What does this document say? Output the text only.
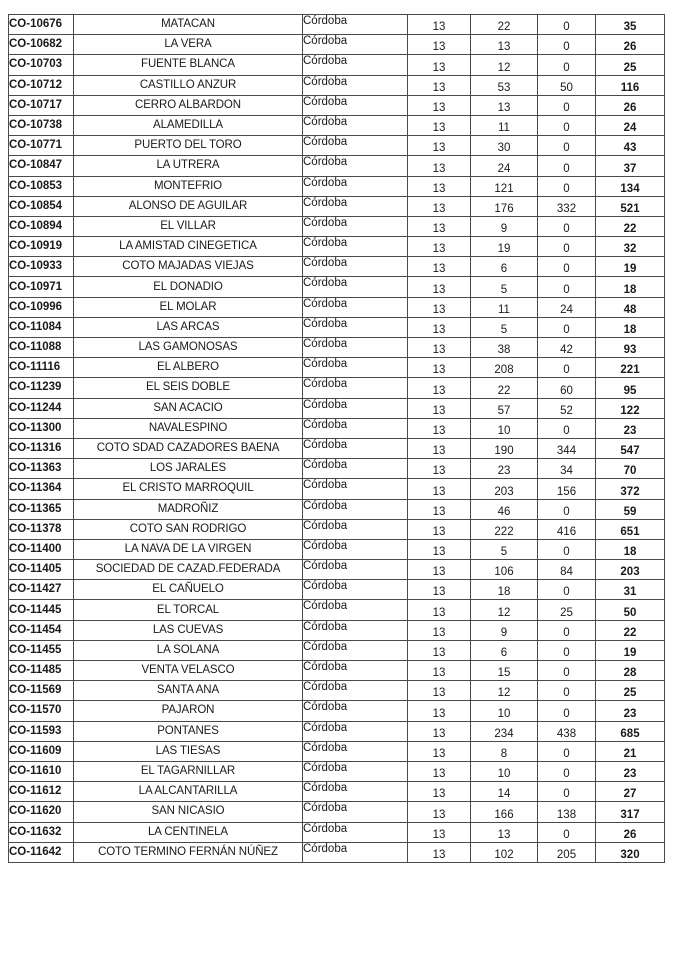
CO-10676	MATACAN	Córdoba	13	22	0	35
CO-10682	LA VERA	Córdoba	13	13	0	26
CO-10703	FUENTE BLANCA	Córdoba	13	12	0	25
CO-10712	CASTILLO ANZUR	Córdoba	13	53	50	116
CO-10717	CERRO ALBARDON	Córdoba	13	13	0	26
CO-10738	ALAMEDILLA	Córdoba	13	11	0	24
CO-10771	PUERTO DEL TORO	Córdoba	13	30	0	43
CO-10847	LA UTRERA	Córdoba	13	24	0	37
CO-10853	MONTEFRIO	Córdoba	13	121	0	134
CO-10854	ALONSO DE AGUILAR	Córdoba	13	176	332	521
CO-10894	EL VILLAR	Córdoba	13	9	0	22
CO-10919	LA AMISTAD CINEGETICA	Córdoba	13	19	0	32
CO-10933	COTO MAJADAS VIEJAS	Córdoba	13	6	0	19
CO-10971	EL DONADIO	Córdoba	13	5	0	18
CO-10996	EL MOLAR	Córdoba	13	11	24	48
CO-11084	LAS ARCAS	Córdoba	13	5	0	18
CO-11088	LAS GAMONOSAS	Córdoba	13	38	42	93
CO-11116	EL ALBERO	Córdoba	13	208	0	221
CO-11239	EL SEIS DOBLE	Córdoba	13	22	60	95
CO-11244	SAN ACACIO	Córdoba	13	57	52	122
CO-11300	NAVALESPINO	Córdoba	13	10	0	23
CO-11316	COTO SDAD CAZADORES BAENA	Córdoba	13	190	344	547
CO-11363	LOS JARALES	Córdoba	13	23	34	70
CO-11364	EL CRISTO MARROQUIL	Córdoba	13	203	156	372
CO-11365	MADROÑIZ	Córdoba	13	46	0	59
CO-11378	COTO SAN RODRIGO	Córdoba	13	222	416	651
CO-11400	LA NAVA DE LA VIRGEN	Córdoba	13	5	0	18
CO-11405	SOCIEDAD DE CAZAD.FEDERADA	Córdoba	13	106	84	203
CO-11427	EL CAÑUELO	Córdoba	13	18	0	31
CO-11445	EL TORCAL	Córdoba	13	12	25	50
CO-11454	LAS CUEVAS	Córdoba	13	9	0	22
CO-11455	LA SOLANA	Córdoba	13	6	0	19
CO-11485	VENTA VELASCO	Córdoba	13	15	0	28
CO-11569	SANTA ANA	Córdoba	13	12	0	25
CO-11570	PAJARON	Córdoba	13	10	0	23
CO-11593	PONTANES	Córdoba	13	234	438	685
CO-11609	LAS TIESAS	Córdoba	13	8	0	21
CO-11610	EL TAGARNILLAR	Córdoba	13	10	0	23
CO-11612	LA ALCANTARILLA	Córdoba	13	14	0	27
CO-11620	SAN NICASIO	Córdoba	13	166	138	317
CO-11632	LA CENTINELA	Córdoba	13	13	0	26
CO-11642	COTO TERMINO FERNÁN NÚÑEZ	Córdoba	13	102	205	320
